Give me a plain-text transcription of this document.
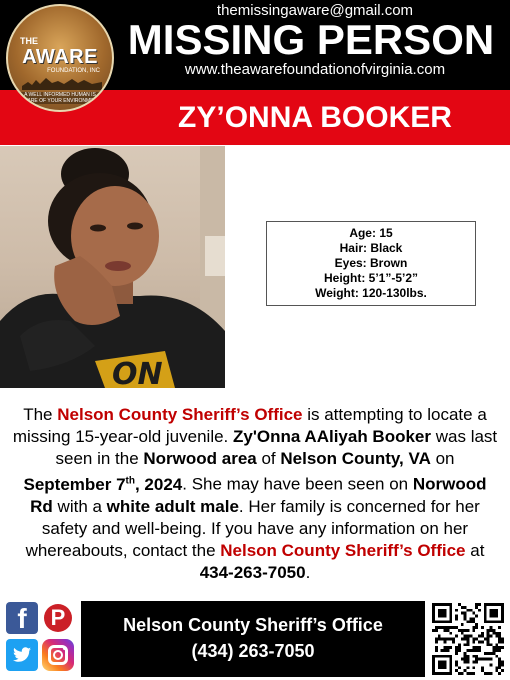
themissingaware@gmail.com
MISSING PERSON
www.theawarefoundationofvirginia.com
THE
AWARE
FOUNDATION, INC
A WELL INFORMED HUMAN IS AWARE OF YOUR ENVIRONMENT	ZY’ONNA BOOKER
ON
Age: 15
Hair: Black
Eyes: Brown
Height: 5’1”-5’2”
Weight: 120-130lbs.
The Nelson County Sheriff’s Office is attempting to locate a missing 15-year-old juvenile. Zy'Onna AAliyah Booker was last seen in the Norwood area of Nelson County, VA on September 7th, 2024. She may have been seen on Norwood Rd with a white adult male. Her family is concerned for her safety and well-being. If you have any information on her whereabouts, contact the Nelson County Sheriff’s Office at 434-263-7050.
f	P	Nelson County Sheriff’s Office
(434) 263-7050
